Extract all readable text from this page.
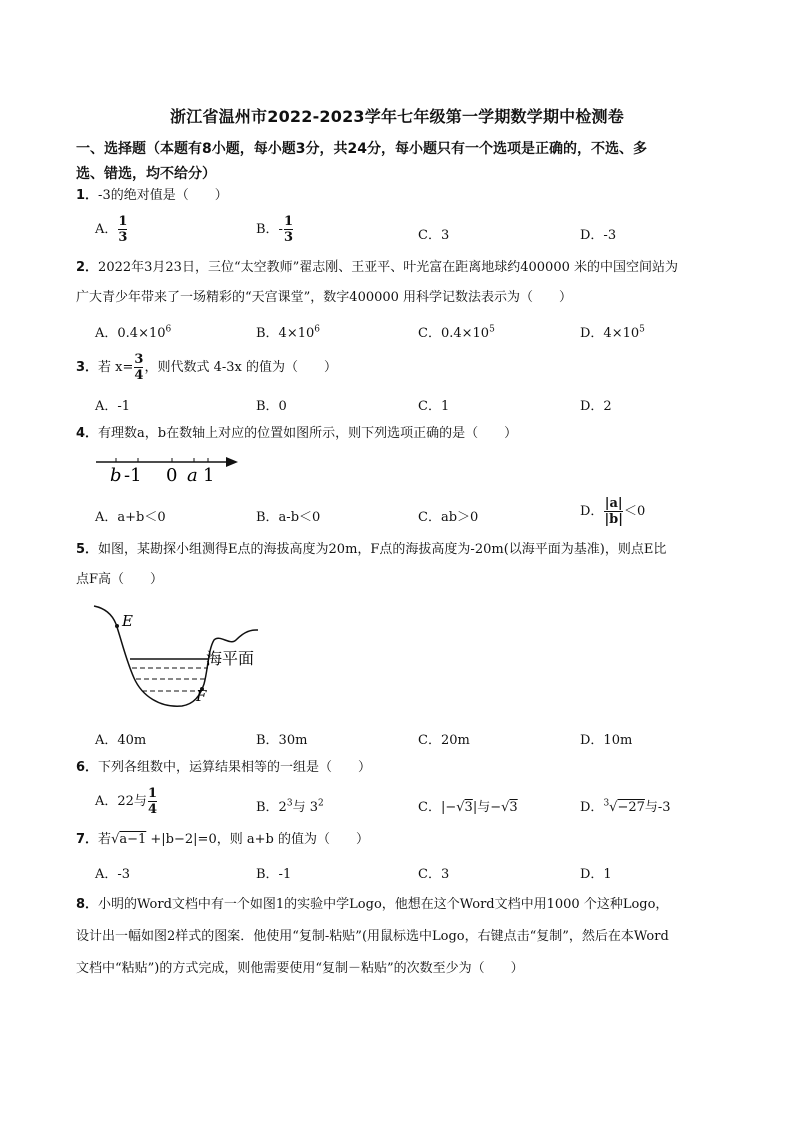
浙江省温州市2022-2023学年七年级第一学期数学期中检测卷
一、选择题（本题有8小题，每小题3分，共24分，每小题只有一个选项是正确的，不选、多
选、错选，均不给分）
1．-3的绝对值是（　　）
A． $\frac{1}{3}$	B．- $\frac{1}{3}$	C．3	D．-3
2．2022年3月23日，三位“太空教师”翟志刚、王亚平、叶光富在距离地球约400000 米的中国空间站为
广大青少年带来了一场精彩的“天宫课堂”，数字400000 用科学记数法表示为（　　）
A．$0.4\times 10^6$	B．$4\times 10^6$	C．$0.4\times 10^5$	D．$4\times 10^5$
3．若 $x= \frac{3}{4}$ ，则代数式 4-3x 的值为（　　）
A．-1	B．0	C．1	D．2
4．有理数a，b在数轴上对应的位置如图所示，则下列选项正确的是（　　）
b -1 0 a 1
A．a+b＜0	B．a-b＜0	C．ab＞0	D． $\frac{|a|}{|b|} <0$
5．如图，某勘探小组测得E点的海拔高度为20m，F点的海拔高度为-20m(以海平面为基准)，则点E比
点F高（　　）
E
F
海平面
A．40m	B．30m	C．20m	D．10m
6．下列各组数中，运算结果相等的一组是（　　）
A．22与 $\frac{1}{4}$	B．$2^3$与 $3^2$	C．|−√3|与−√3	D．$^3$√−27与-3
7．若√a−1 +|b−2|=0，则 a+b 的值为（　　）
A．-3	B．-1	C．3	D．1
8．小明的Word文档中有一个如图1的实验中学Logo，他想在这个Word文档中用1000 个这种Logo，
设计出一幅如图2样式的图案．他使用“复制-粘贴”(用鼠标选中Logo，右键点击“复制”，然后在本Word
文档中“粘贴”)的方式完成，则他需要使用“复制－粘贴”的次数至少为（　　）
